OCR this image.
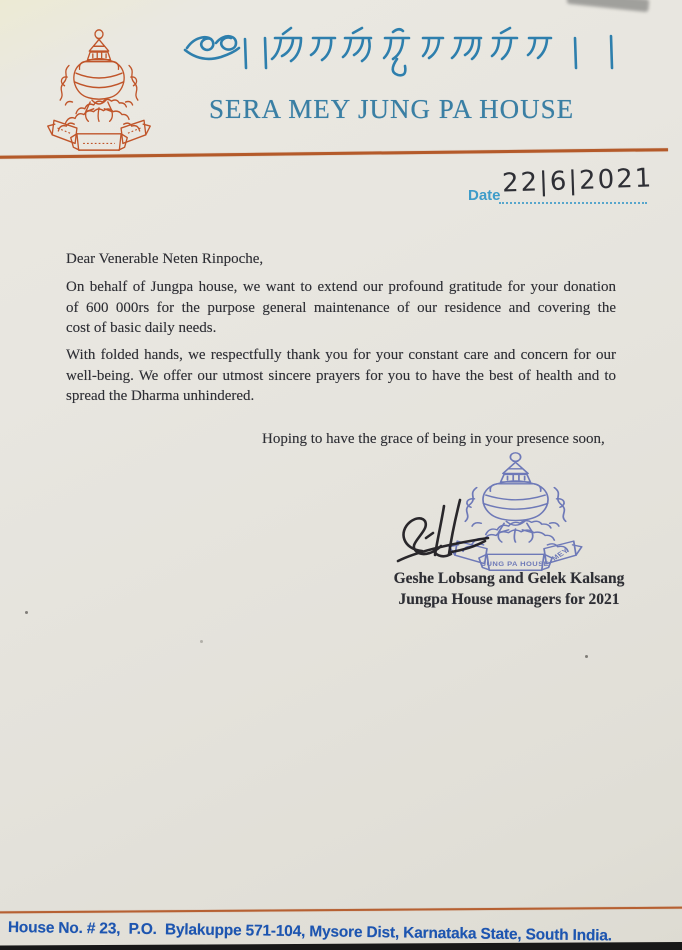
SERA MEY JUNG PA HOUSE
Date 22|6|2021
Dear Venerable Neten Rinpoche,
On behalf of Jungpa house, we want to extend our profound gratitude for your donation
of 600 000rs for the purpose general maintenance of our residence and covering the
cost of basic daily needs.
With folded hands, we respectfully thank you for your constant care and concern for our
well-being. We offer our utmost sincere prayers for you to have the best of health and to
spread the Dharma unhindered.
Hoping to have the grace of being in your presence soon,
JUNG PA HOUSE
MEY
Geshe Lobsang and Gelek Kalsang
Jungpa House managers for 2021
House No. # 23,  P.O.  Bylakuppe 571-104, Mysore Dist, Karnataka State, South India.
